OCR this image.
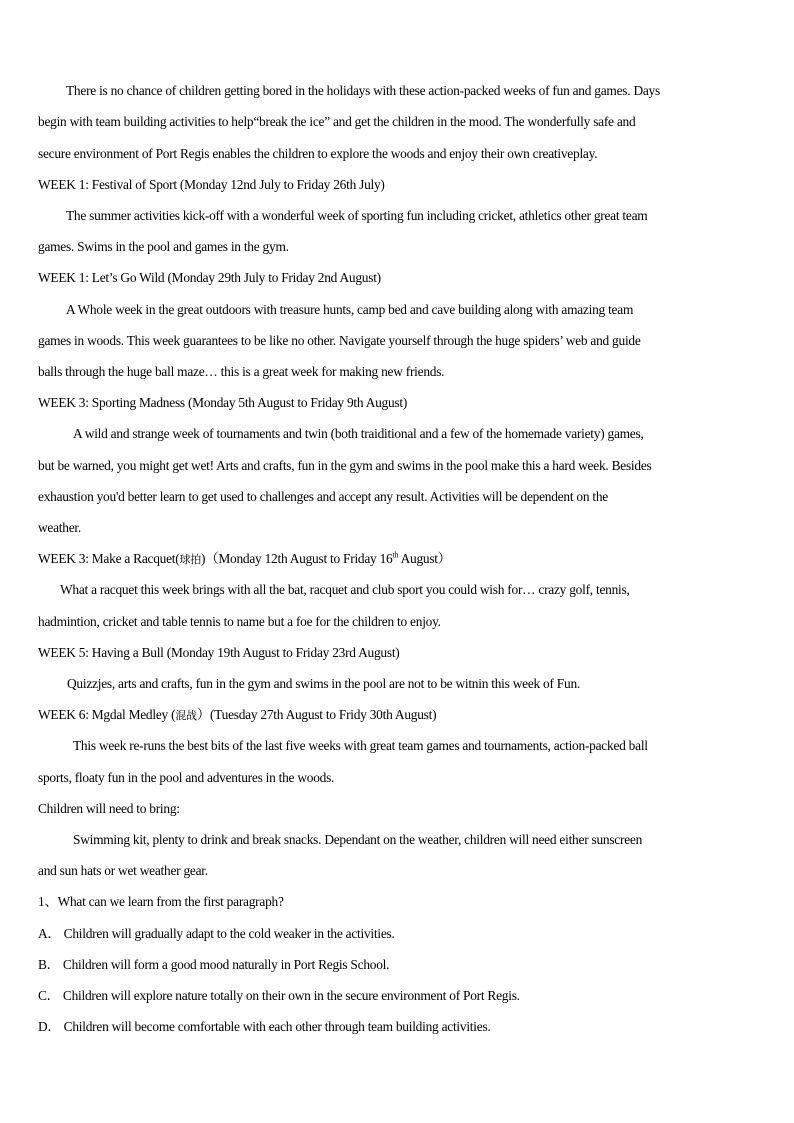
There is no chance of children getting bored in the holidays with these action-packed weeks of fun and games. Days
begin with team building activities to help“break the ice” and get the children in the mood. The wonderfully safe and
secure environment of Port Regis enables the children to explore the woods and enjoy their own creativeplay.
WEEK 1: Festival of Sport (Monday 12nd July to Friday 26th July)
The summer activities kick-off with a wonderful week of sporting fun including cricket, athletics other great team
games. Swims in the pool and games in the gym.
WEEK 1: Let’s Go Wild (Monday 29th July to Friday 2nd August)
A Whole week in the great outdoors with treasure hunts, camp bed and cave building along with amazing team
games in woods. This week guarantees to be like no other. Navigate yourself through the huge spiders’ web and guide
balls through the huge ball maze… this is a great week for making new friends.
WEEK 3: Sporting Madness (Monday 5th August to Friday 9th August)
A wild and strange week of tournaments and twin (both traiditional and a few of the homemade variety) games,
but be warned, you might get wet! Arts and crafts, fun in the gym and swims in the pool make this a hard week. Besides
exhaustion you'd better learn to get used to challenges and accept any result. Activities will be dependent on the
weather.
WEEK 3: Make a Racquet(球拍)（Monday 12th August to Friday 16th August）
What a racquet this week brings with all the bat, racquet and club sport you could wish for… crazy golf, tennis,
hadmintion, cricket and table tennis to name but a foe for the children to enjoy.
WEEK 5: Having a Bull (Monday 19th August to Friday 23rd August)
Quizzjes, arts and crafts, fun in the gym and swims in the pool are not to be witnin this week of Fun.
WEEK 6: Mgdal Medley (混战）(Tuesday 27th August to Fridy 30th August)
This week re-runs the best bits of the last five weeks with great team games and tournaments, action-packed ball
sports, floaty fun in the pool and adventures in the woods.
Children will need to bring:
Swimming kit, plenty to drink and break snacks. Dependant on the weather, children will need either sunscreen
and sun hats or wet weather gear.
1、What can we learn from the first paragraph?
A． Children will gradually adapt to the cold weaker in the activities.
B． Children will form a good mood naturally in Port Regis School.
C． Children will explore nature totally on their own in the secure environment of Port Regis.
D． Children will become comfortable with each other through team building activities.
